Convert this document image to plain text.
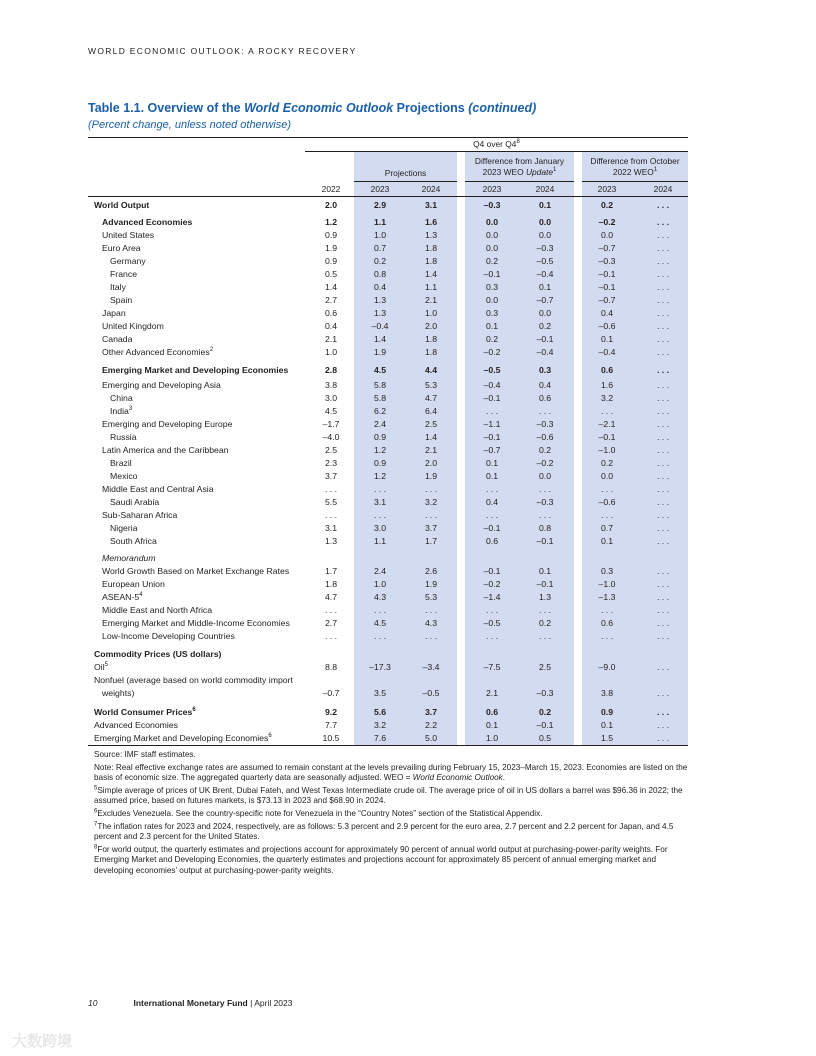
WORLD ECONOMIC OUTLOOK: A ROCKY RECOVERY
Table 1.1. Overview of the World Economic Outlook Projections (continued)
(Percent change, unless noted otherwise)
Q4 over $Q4^8$
Projections
Difference from January
2023 WEO Update$^1$
Difference from October
2022 WEO$^1$
2022	2023	2024	2023	2024	2023	2024
World Output	2.0	2.9	3.1	–0.3	0.1	0.2	. . .
Advanced Economies	1.2	1.1	1.6	0.0	0.0	–0.2	. . .
United States	0.9	1.0	1.3	0.0	0.0	0.0	. . .
Euro Area	1.9	0.7	1.8	0.0	–0.3	–0.7	. . .
Germany	0.9	0.2	1.8	0.2	–0.5	–0.3	. . .
France	0.5	0.8	1.4	–0.1	–0.4	–0.1	. . .
Italy	1.4	0.4	1.1	0.3	0.1	–0.1	. . .
Spain	2.7	1.3	2.1	0.0	–0.7	–0.7	. . .
Japan	0.6	1.3	1.0	0.3	0.0	0.4	. . .
United Kingdom	0.4	–0.4	2.0	0.1	0.2	–0.6	. . .
Canada	2.1	1.4	1.8	0.2	–0.1	0.1	. . .
Other Advanced Economies$^2$	1.0	1.9	1.8	–0.2	–0.4	–0.4	. . .
Emerging Market and Developing Economies	2.8	4.5	4.4	–0.5	0.3	0.6	. . .
Emerging and Developing Asia	3.8	5.8	5.3	–0.4	0.4	1.6	. . .
China	3.0	5.8	4.7	–0.1	0.6	3.2	. . .
India$^3$	4.5	6.2	6.4	. . .	. . .	. . .	. . .
Emerging and Developing Europe	–1.7	2.4	2.5	–1.1	–0.3	–2.1	. . .
Russia	–4.0	0.9	1.4	–0.1	–0.6	–0.1	. . .
Latin America and the Caribbean	2.5	1.2	2.1	–0.7	0.2	–1.0	. . .
Brazil	2.3	0.9	2.0	0.1	–0.2	0.2	. . .
Mexico	3.7	1.2	1.9	0.1	0.0	0.0	. . .
Middle East and Central Asia	. . .	. . .	. . .	. . .	. . .	. . .	. . .
Saudi Arabia	5.5	3.1	3.2	0.4	–0.3	–0.6	. . .
Sub-Saharan Africa	. . .	. . .	. . .	. . .	. . .	. . .	. . .
Nigeria	3.1	3.0	3.7	–0.1	0.8	0.7	. . .
South Africa	1.3	1.1	1.7	0.6	–0.1	0.1	. . .
Memorandum
World Growth Based on Market Exchange Rates	1.7	2.4	2.6	–0.1	0.1	0.3	. . .
European Union	1.8	1.0	1.9	–0.2	–0.1	–1.0	. . .
ASEAN-$5^4$	4.7	4.3	5.3	–1.4	1.3	–1.3	. . .
Middle East and North Africa	. . .	. . .	. . .	. . .	. . .	. . .	. . .
Emerging Market and Middle-Income Economies	2.7	4.5	4.3	–0.5	0.2	0.6	. . .
Low-Income Developing Countries	. . .	. . .	. . .	. . .	. . .	. . .	. . .
Commodity Prices (US dollars)
Oil$^5$	8.8	–17.3	–3.4	–7.5	2.5	–9.0	. . .
Nonfuel (average based on world commodity import
weights)	–0.7	3.5	–0.5	2.1	–0.3	3.8	. . .
World Consumer Prices$^6$	9.2	5.6	3.7	0.6	0.2	0.9	. . .
Advanced Economies	7.7	3.2	2.2	0.1	–0.1	0.1	. . .
Emerging Market and Developing Economies$^6$	10.5	7.6	5.0	1.0	0.5	1.5	. . .

Source: IMF staff estimates.

Note: Real effective exchange rates are assumed to remain constant at the levels prevailing during February 15, 2023–March 15, 2023. Economies are listed on the basis of economic size. The aggregated quarterly data are seasonally adjusted. WEO = World Economic Outlook.

$^5$Simple average of prices of UK Brent, Dubai Fateh, and West Texas Intermediate crude oil. The average price of oil in US dollars a barrel was $96.36 in 2022; the assumed price, based on futures markets, is $73.13 in 2023 and $68.90 in 2024.

$^6$Excludes Venezuela. See the country-specific note for Venezuela in the “Country Notes” section of the Statistical Appendix.

$^7$The inflation rates for 2023 and 2024, respectively, are as follows: 5.3 percent and 2.9 percent for the euro area, 2.7 percent and 2.2 percent for Japan, and 4.5 percent and 2.3 percent for the United States.

$^8$For world output, the quarterly estimates and projections account for approximately 90 percent of annual world output at purchasing-power-parity weights. For Emerging Market and Developing Economies, the quarterly estimates and projections account for approximately 85 percent of annual emerging market and developing economies’ output at purchasing-power-parity weights.

10	International Monetary Fund | April 2023
大数跨境
